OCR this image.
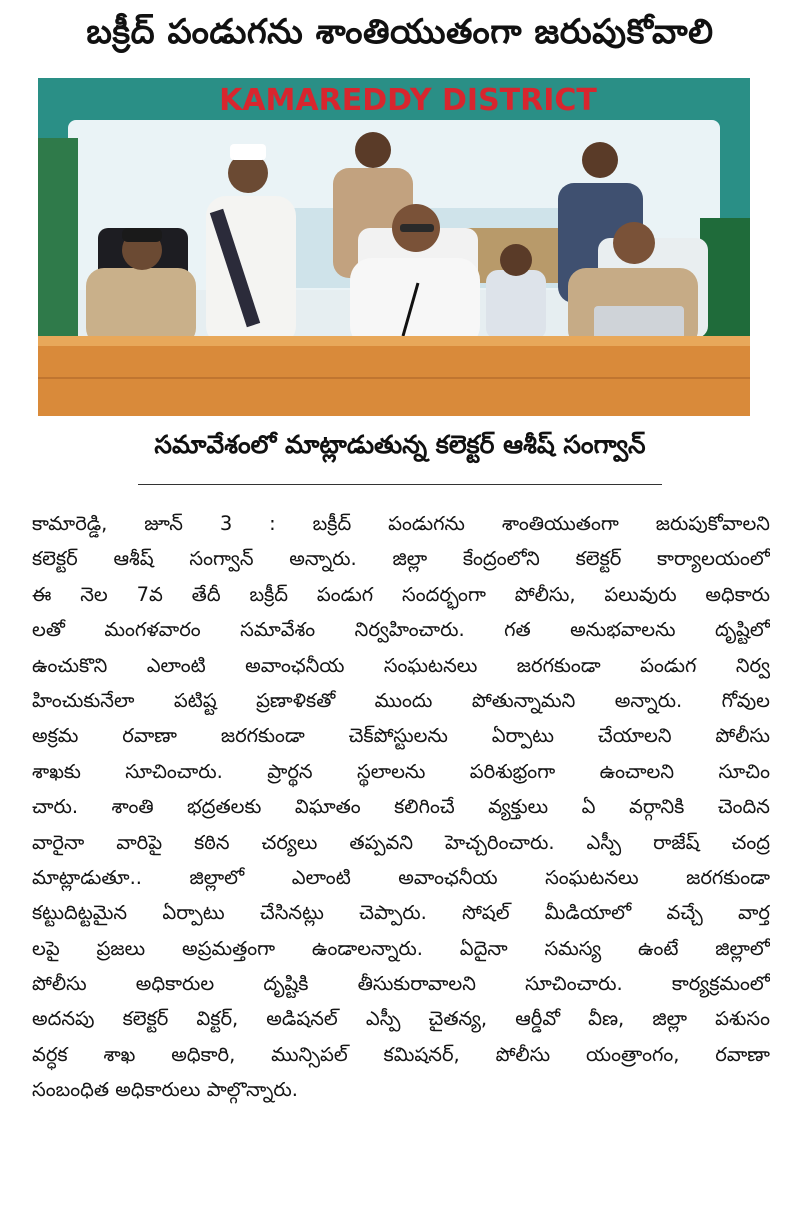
బక్రీద్ పండుగను శాంతియుతంగా జరుపుకోవాలి
KAMAREDDY DISTRICT
సమావేశంలో మాట్లాడుతున్న కలెక్టర్ ఆశీష్ సంగ్వాన్
కామారెడ్డి, జూన్ 3 : బక్రీద్ పండుగను శాంతియుతంగా జరుపుకోవాలని
కలెక్టర్ ఆశీష్ సంగ్వాన్ అన్నారు. జిల్లా కేంద్రంలోని కలెక్టర్ కార్యాలయంలో
ఈ నెల 7వ తేదీ బక్రీద్ పండుగ సందర్భంగా పోలీసు, పలువురు అధికారు
లతో మంగళవారం సమావేశం నిర్వహించారు. గత అనుభవాలను దృష్టిలో
ఉంచుకొని ఎలాంటి అవాంఛనీయ సంఘటనలు జరగకుండా పండుగ నిర్వ
హించుకునేలా పటిష్ట ప్రణాళికతో ముందు పోతున్నామని అన్నారు. గోవుల
అక్రమ రవాణా జరగకుండా చెక్‌పోస్టులను ఏర్పాటు చేయాలని పోలీసు
శాఖకు సూచించారు. ప్రార్థన స్థలాలను పరిశుభ్రంగా ఉంచాలని సూచిం
చారు. శాంతి భద్రతలకు విఘాతం కలిగించే వ్యక్తులు ఏ వర్గానికి చెందిన
వారైనా వారిపై కఠిన చర్యలు తప్పవని హెచ్చరించారు. ఎస్పీ రాజేష్ చంద్ర
మాట్లాడుతూ.. జిల్లాలో ఎలాంటి అవాంఛనీయ సంఘటనలు జరగకుండా
కట్టుదిట్టమైన ఏర్పాటు చేసినట్లు చెప్పారు. సోషల్ మీడియాలో వచ్చే వార్త
లపై ప్రజలు అప్రమత్తంగా ఉండాలన్నారు. ఏదైనా సమస్య ఉంటే జిల్లాలో
పోలీసు అధికారుల దృష్టికి తీసుకురావాలని సూచించారు. కార్యక్రమంలో
అదనపు కలెక్టర్ విక్టర్, అడిషనల్ ఎస్పీ చైతన్య, ఆర్డీవో వీణ, జిల్లా పశుసం
వర్ధక శాఖ అధికారి, మున్సిపల్ కమిషనర్, పోలీసు యంత్రాంగం, రవాణా
సంబంధిత అధికారులు పాల్గొన్నారు.
